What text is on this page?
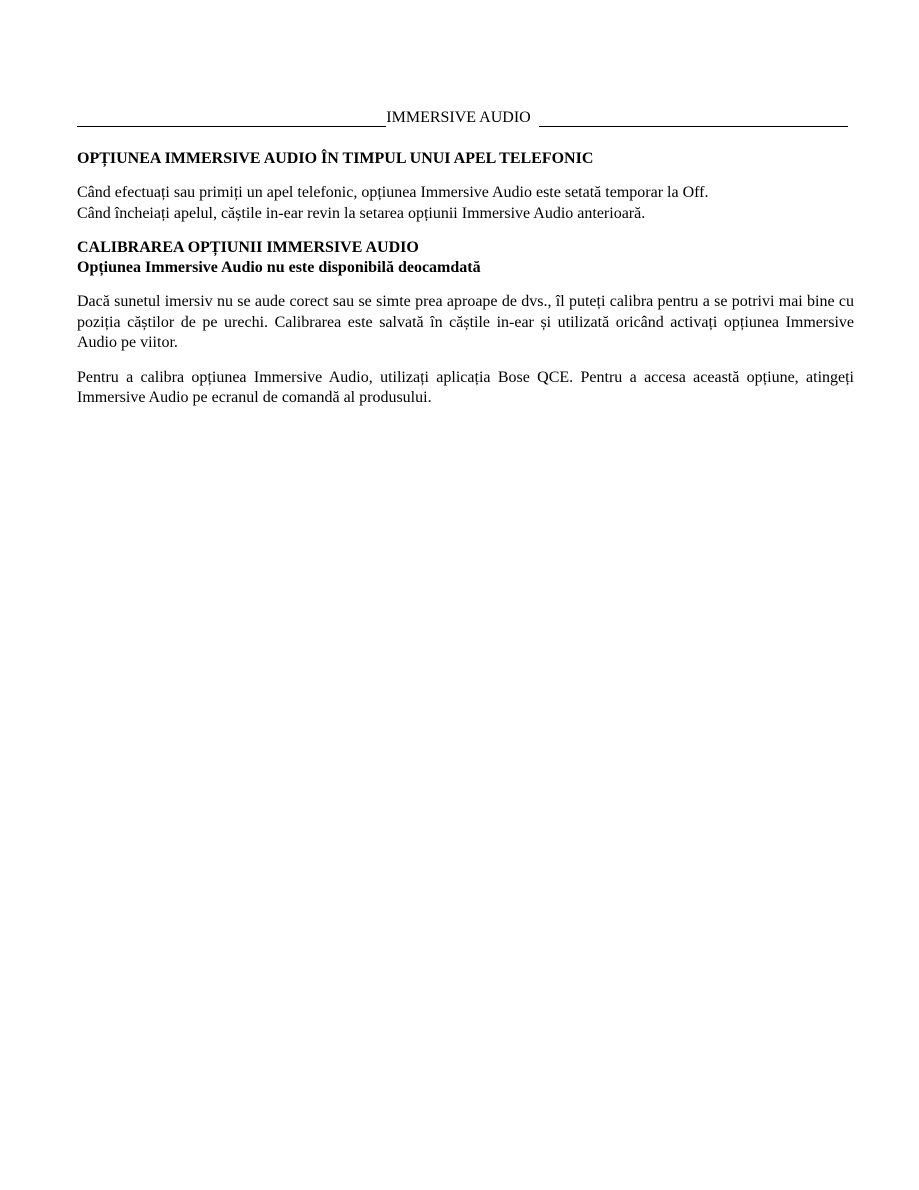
IMMERSIVE AUDIO
OPȚIUNEA IMMERSIVE AUDIO ÎN TIMPUL UNUI APEL TELEFONIC
Când efectuați sau primiți un apel telefonic, opțiunea Immersive Audio este setată temporar la Off.
Când încheiați apelul, căștile in-ear revin la setarea opțiunii Immersive Audio anterioară.
CALIBRAREA OPȚIUNII IMMERSIVE AUDIO
Opțiunea Immersive Audio nu este disponibilă deocamdată

Dacă sunetul imersiv nu se aude corect sau se simte prea aproape de dvs., îl puteți calibra pentru a se potrivi mai bine cu poziția căștilor de pe urechi. Calibrarea este salvată în căștile in-ear și utilizată oricând activați opțiunea Immersive Audio pe viitor.

Pentru a calibra opțiunea Immersive Audio, utilizați aplicația Bose QCE. Pentru a accesa această opțiune, atingeți Immersive Audio pe ecranul de comandă al produsului.
